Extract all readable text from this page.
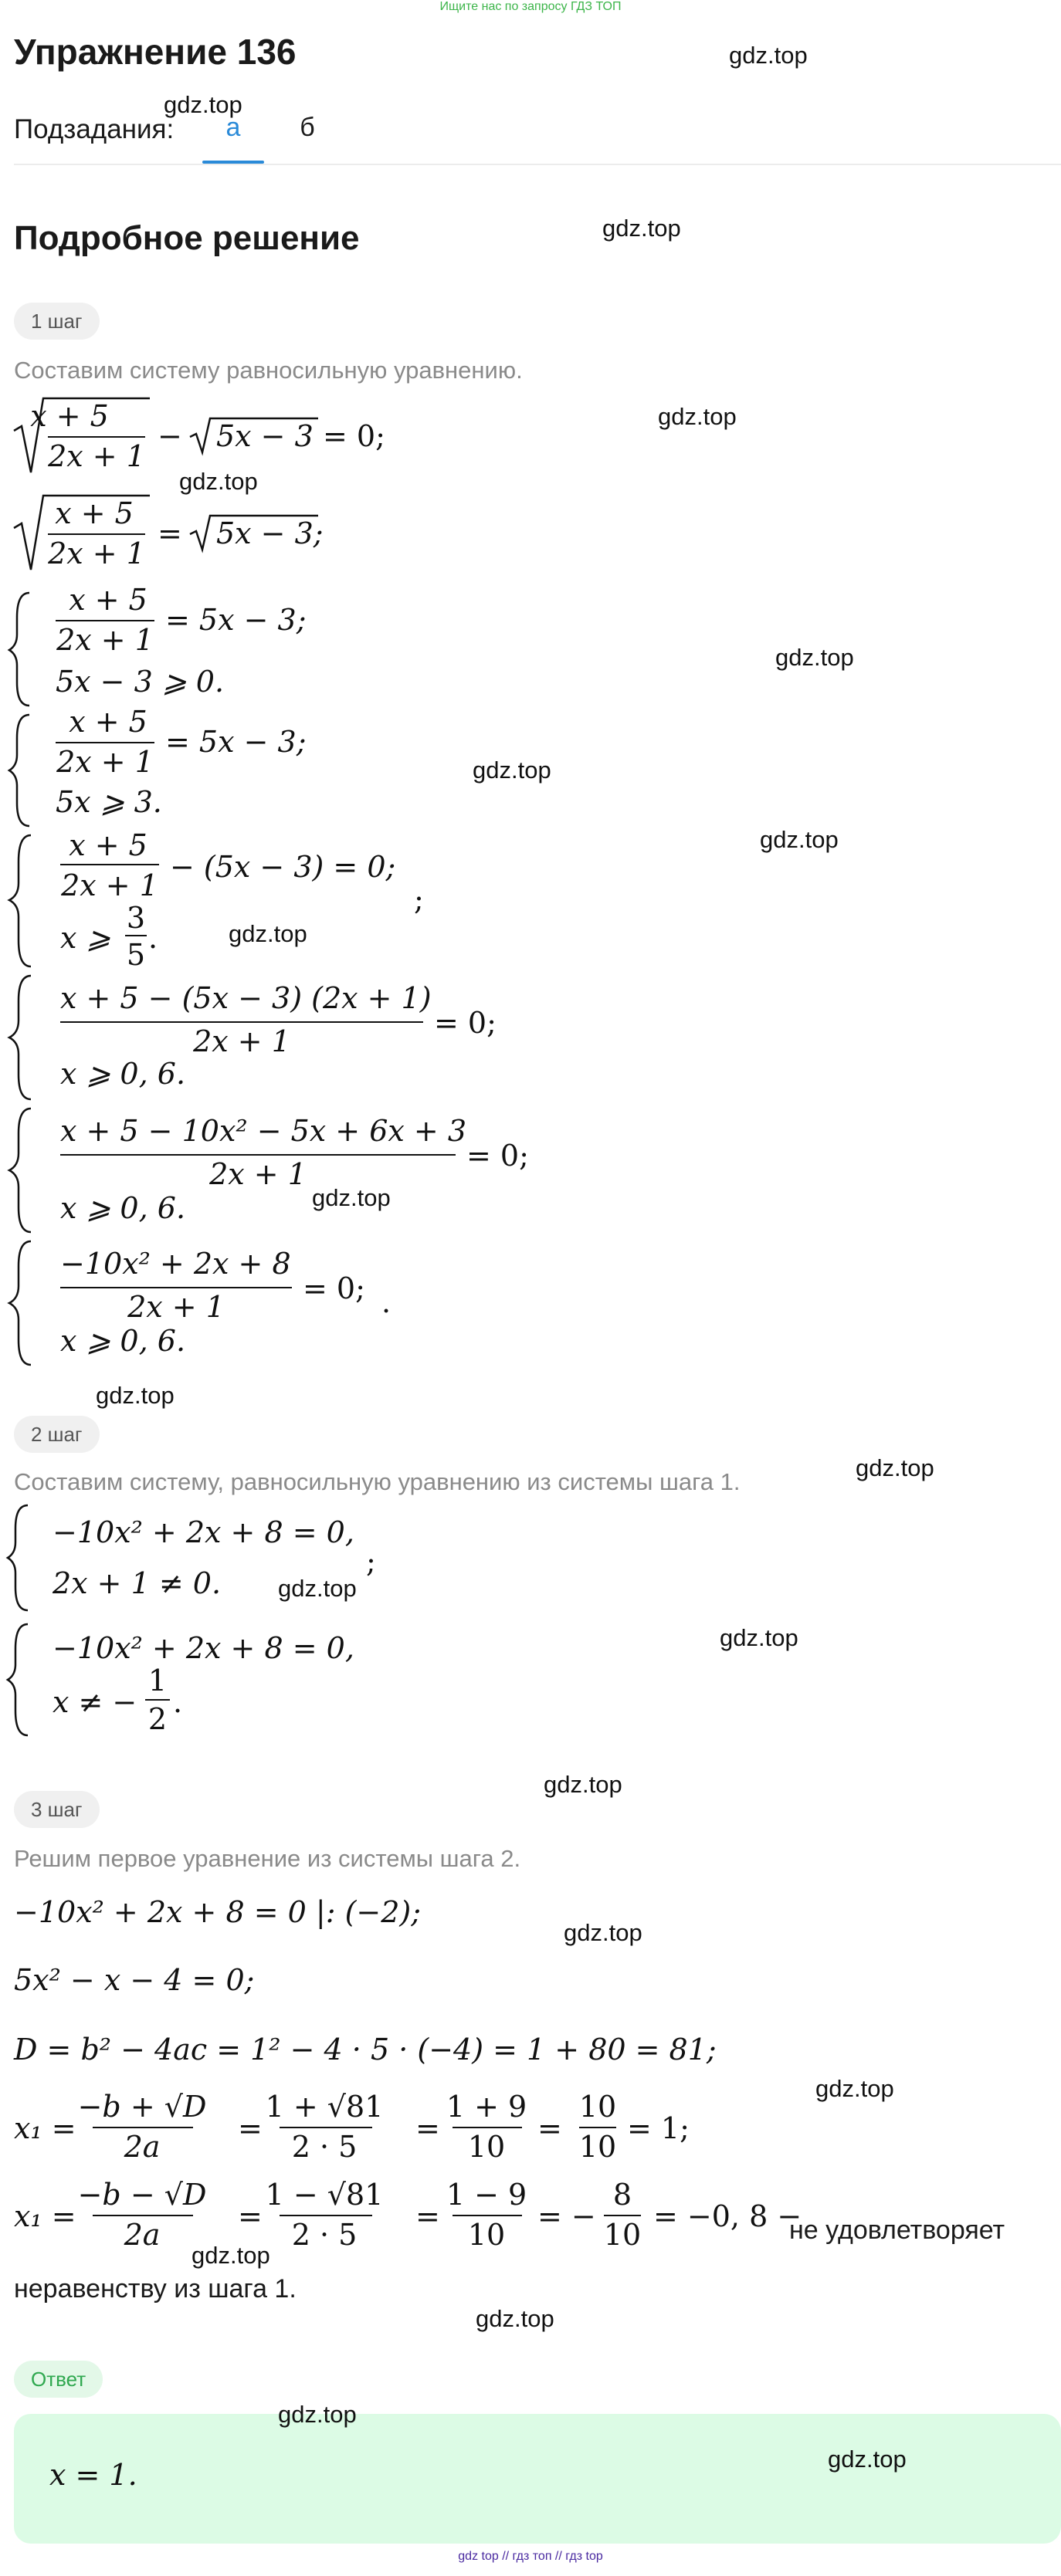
Ищите нас по запросу ГДЗ ТОП
Упражнение 136
Подзадания:	а	б
Подробное решение
1 шаг
Составим систему равносильную уравнению.
x + 5
2x + 1
− 5x − 3 = 0;
x + 5
2x + 1
= 5x − 3;
x + 5
2x + 1
= 5x − 3;
5x − 3 ⩾ 0.
x + 5
2x + 1
= 5x − 3;
5x ⩾ 3.
x + 5
2x + 1
− (5x − 3) = 0;
x ⩾
3
5 .
;
x + 5 − (5x − 3) (2x + 1)
2x + 1
= 0;
x ⩾ 0, 6.
x + 5 − 10x² − 5x + 6x + 3
2x + 1
= 0;
x ⩾ 0, 6.
−10x² + 2x + 8
2x + 1
= 0; .
x ⩾ 0, 6.
2 шаг
Составим систему, равносильную уравнению из системы шага 1.
−10x² + 2x + 8 = 0,
2x + 1 ≠ 0.
;
−10x² + 2x + 8 = 0,
x ≠ −
1
2 .
3 шаг
Решим первое уравнение из системы шага 2.
−10x² + 2x + 8 = 0 |: (−2);
5x² − x − 4 = 0;
D = b² − 4ac = 1² − 4 · 5 · (−4) = 1 + 80 = 81;
x₁ =
−b + √D
2a
=
1 + √81
2 · 5
=
1 + 9
10
=
10
10
= 1;
x₁ =
−b − √D
2a
=
1 − √81
2 · 5
=
1 − 9
10
= −
8
10
= −0, 8 −
не удовлетворяет
неравенству из шага 1.
Ответ
x = 1.
gdz.top
gdz.top
gdz.top
gdz.top
gdz.top
gdz.top
gdz.top
gdz.top
gdz.top
gdz.top
gdz.top
gdz.top
gdz.top
gdz.top
gdz.top
gdz.top
gdz.top
gdz.top
gdz.top
gdz.top
gdz.top
gdz top // гдз топ // гдз top
